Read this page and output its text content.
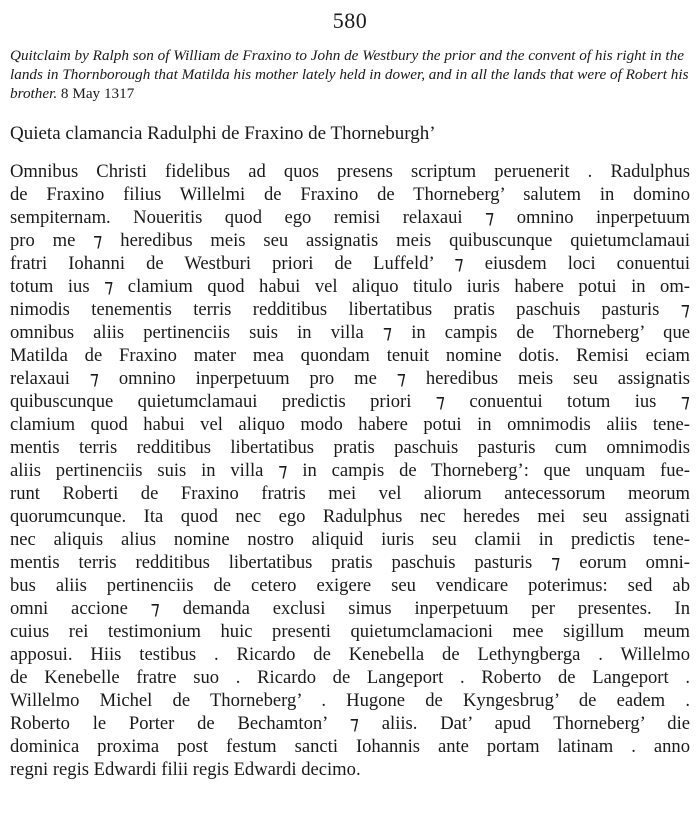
580

Quitclaim by Ralph son of William de Fraxino to John de Westbury the prior and the convent of his right in the lands in Thornborough that Matilda his mother lately held in dower, and in all the lands that were of Robert his brother. 8 May 1317

Quieta clamancia Radulphi de Fraxino de Thorneburgh’
Omnibus Christi fidelibus ad quos presens scriptum peruenerit . Radulphus
de Fraxino filius Willelmi de Fraxino de Thorneberg’ salutem in domino
sempiternam. Noueritis quod ego remisi relaxaui ⁊ omnino inperpetuum
pro me ⁊ heredibus meis seu assignatis meis quibuscunque quietumclamaui
fratri Iohanni de Westburi priori de Luffeld’ ⁊ eiusdem loci conuentui
totum ius ⁊ clamium quod habui vel aliquo titulo iuris habere potui in om-
nimodis tenementis terris redditibus libertatibus pratis paschuis pasturis ⁊
omnibus aliis pertinenciis suis in villa ⁊ in campis de Thorneberg’ que
Matilda de Fraxino mater mea quondam tenuit nomine dotis. Remisi eciam
relaxaui ⁊ omnino inperpetuum pro me ⁊ heredibus meis seu assignatis
quibuscunque quietumclamaui predictis priori ⁊ conuentui totum ius ⁊
clamium quod habui vel aliquo modo habere potui in omnimodis aliis tene-
mentis terris redditibus libertatibus pratis paschuis pasturis cum omnimodis
aliis pertinenciis suis in villa ⁊ in campis de Thorneberg’: que unquam fue-
runt Roberti de Fraxino fratris mei vel aliorum antecessorum meorum
quorumcunque. Ita quod nec ego Radulphus nec heredes mei seu assignati
nec aliquis alius nomine nostro aliquid iuris seu clamii in predictis tene-
mentis terris redditibus libertatibus pratis paschuis pasturis ⁊ eorum omni-
bus aliis pertinenciis de cetero exigere seu vendicare poterimus: sed ab
omni accione ⁊ demanda exclusi simus inperpetuum per presentes. In
cuius rei testimonium huic presenti quietumclamacioni mee sigillum meum
apposui. Hiis testibus . Ricardo de Kenebella de Lethyngberga . Willelmo
de Kenebelle fratre suo . Ricardo de Langeport . Roberto de Langeport .
Willelmo Michel de Thorneberg’ . Hugone de Kyngesbrug’ de eadem .
Roberto le Porter de Bechamton’ ⁊ aliis. Dat’ apud Thorneberg’ die
dominica proxima post festum sancti Iohannis ante portam latinam . anno
regni regis Edwardi filii regis Edwardi decimo.
